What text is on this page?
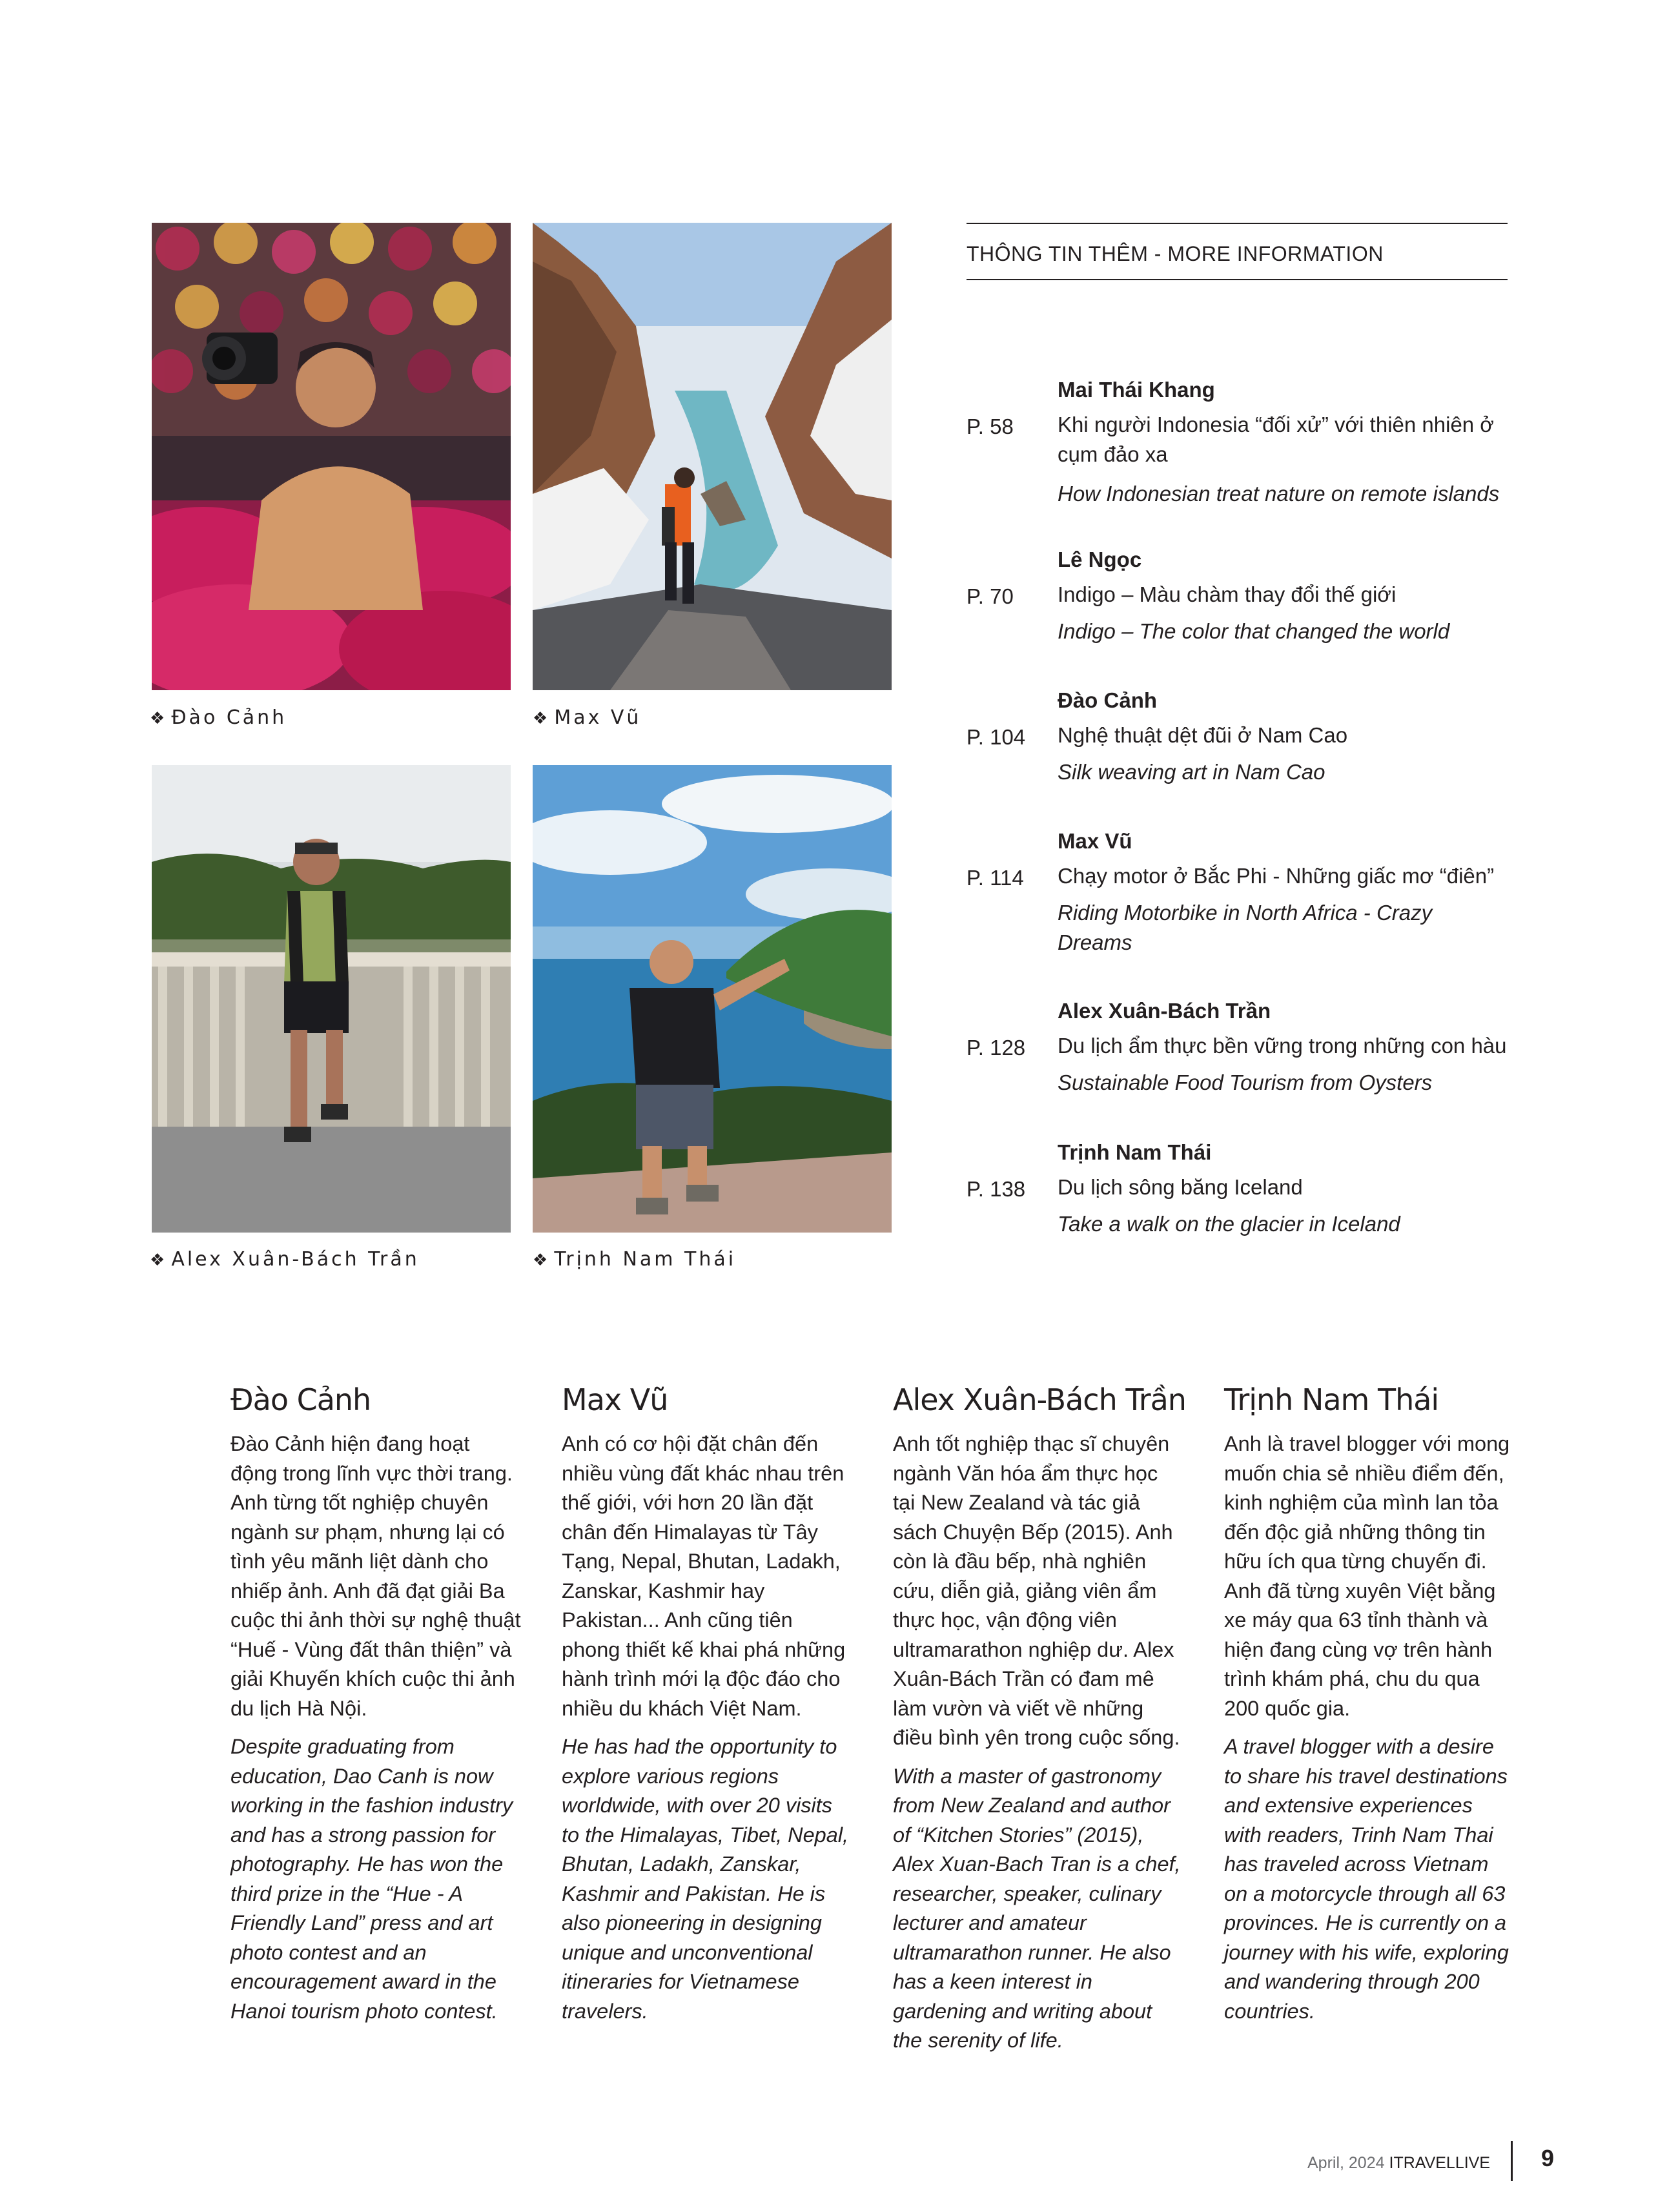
❖ Đào Cảnh	❖ Max Vũ
❖ Alex Xuân-Bách Trần	❖ Trịnh Nam Thái
THÔNG TIN THÊM - MORE INFORMATION
Mai Thái Khang
P. 58 Khi người Indonesia “đối xử” với thiên nhiên ở cụm đảo xa
How Indonesian treat nature on remote islands
Lê Ngọc
P. 70 Indigo – Màu chàm thay đổi thế giới
Indigo – The color that changed the world
Đào Cảnh
P. 104 Nghệ thuật dệt đũi ở Nam Cao
Silk weaving art in Nam Cao
Max Vũ
P. 114 Chạy motor ở Bắc Phi - Những giấc mơ “điên”
Riding Motorbike in North Africa - Crazy Dreams
Alex Xuân-Bách Trần
P. 128 Du lịch ẩm thực bền vững trong những con hàu
Sustainable Food Tourism from Oysters
Trịnh Nam Thái
P. 138 Du lịch sông băng Iceland
Take a walk on the glacier in Iceland
Đào Cảnh

Đào Cảnh hiện đang hoạt động trong lĩnh vực thời trang. Anh từng tốt nghiệp chuyên ngành sư phạm, nhưng lại có tình yêu mãnh liệt dành cho nhiếp ảnh. Anh đã đạt giải Ba cuộc thi ảnh thời sự nghệ thuật “Huế - Vùng đất thân thiện” và giải Khuyến khích cuộc thi ảnh du lịch Hà Nội.

Despite graduating from education, Dao Canh is now working in the fashion industry and has a strong passion for photography. He has won the third prize in the “Hue - A Friendly Land” press and art photo contest and an encouragement award in the Hanoi tourism photo contest.

Max Vũ

Anh có cơ hội đặt chân đến nhiều vùng đất khác nhau trên thế giới, với hơn 20 lần đặt chân đến Himalayas từ Tây Tạng, Nepal, Bhutan, Ladakh, Zanskar, Kashmir hay Pakistan... Anh cũng tiên phong thiết kế khai phá những hành trình mới lạ độc đáo cho nhiều du khách Việt Nam.

He has had the opportunity to explore various regions worldwide, with over 20 visits to the Himalayas, Tibet, Nepal, Bhutan, Ladakh, Zanskar, Kashmir and Pakistan. He is also pioneering in designing unique and unconventional itineraries for Vietnamese travelers.

Alex Xuân-Bách Trần

Anh tốt nghiệp thạc sĩ chuyên ngành Văn hóa ẩm thực học tại New Zealand và tác giả sách Chuyện Bếp (2015). Anh còn là đầu bếp, nhà nghiên cứu, diễn giả, giảng viên ẩm thực học, vận động viên ultramarathon nghiệp dư. Alex Xuân-Bách Trần có đam mê làm vườn và viết về những điều bình yên trong cuộc sống.

With a master of gastronomy from New Zealand and author of “Kitchen Stories” (2015), Alex Xuan-Bach Tran is a chef, researcher, speaker, culinary lecturer and amateur ultramarathon runner. He also has a keen interest in gardening and writing about the serenity of life.

Trịnh Nam Thái

Anh là travel blogger với mong muốn chia sẻ nhiều điểm đến, kinh nghiệm của mình lan tỏa đến độc giả những thông tin hữu ích qua từng chuyến đi. Anh đã từng xuyên Việt bằng xe máy qua 63 tỉnh thành và hiện đang cùng vợ trên hành trình khám phá, chu du qua 200 quốc gia.

A travel blogger with a desire to share his travel destinations and extensive experiences with readers, Trinh Nam Thai has traveled across Vietnam on a motorcycle through all 63 provinces. He is currently on a journey with his wife, exploring and wandering through 200 countries.

April, 2024 ITRAVELLIVE 9
